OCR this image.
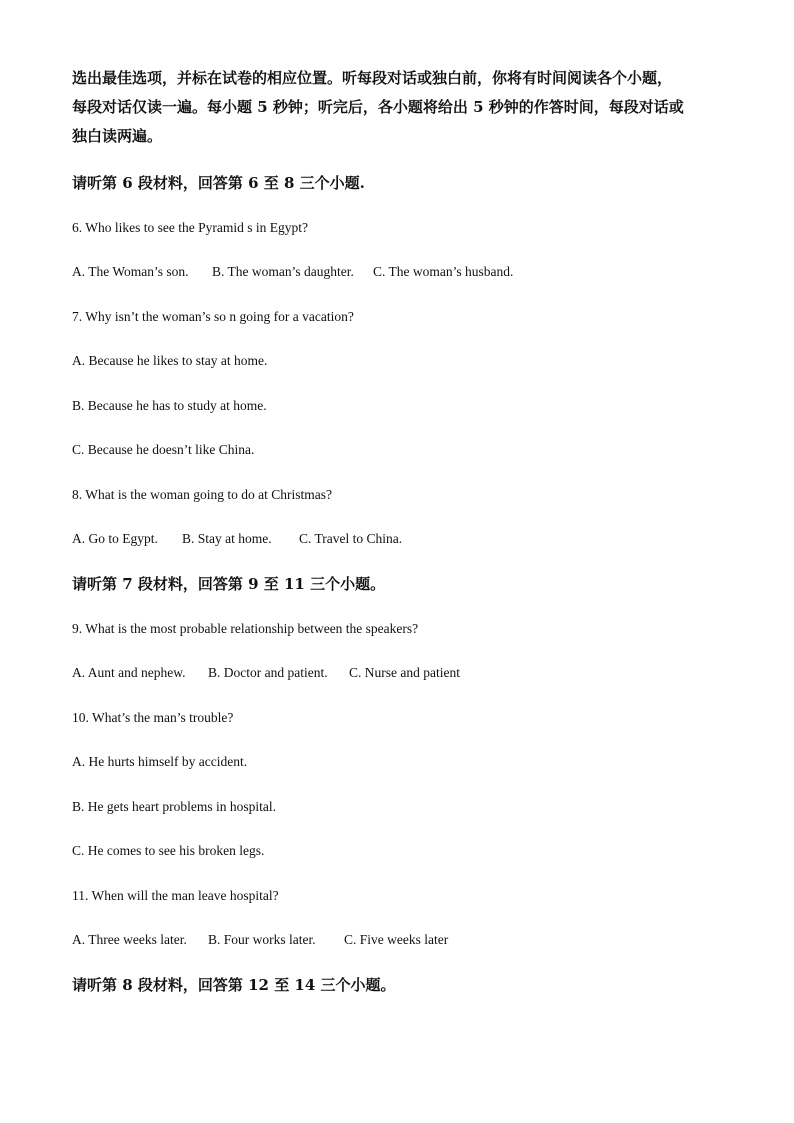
选出最佳选项，并标在试卷的相应位置。听每段对话或独白前，你将有时间阅读各个小题，
每段对话仅读一遍。每小题 5 秒钟；听完后，各小题将给出 5 秒钟的作答时间，每段对话或
独白读两遍。

请听第 6 段材料，回答第 6 至 8 三个小题.

6. Who likes to see the Pyramid s in Egypt?

A. The Woman’s son. B. The woman’s daughter. C. The woman’s husband.

7. Why isn’t the woman’s so n going for a vacation?

A. Because he likes to stay at home.

B. Because he has to study at home.

C. Because he doesn’t like China.

8. What is the woman going to do at Christmas?

A. Go to Egypt. B. Stay at home. C. Travel to China.

请听第 7 段材料，回答第 9 至 11 三个小题。

9. What is the most probable relationship between the speakers?

A. Aunt and nephew. B. Doctor and patient. C. Nurse and patient

10. What’s the man’s trouble?

A. He hurts himself by accident.

B. He gets heart problems in hospital.

C. He comes to see his broken legs.

11. When will the man leave hospital?

A. Three weeks later. B. Four works later. C. Five weeks later

请听第 8 段材料，回答第 12 至 14 三个小题。
